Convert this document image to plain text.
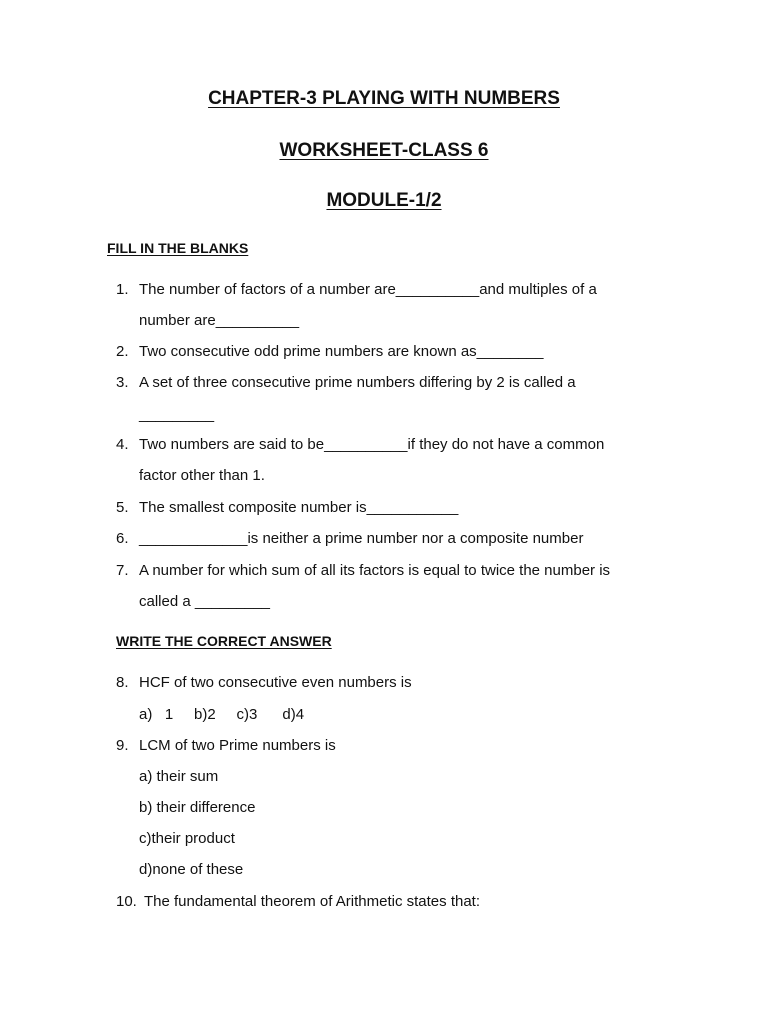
CHAPTER-3 PLAYING WITH NUMBERS
WORKSHEET-CLASS 6
MODULE-1/2
FILL IN THE BLANKS
1. The number of factors of a number are__________and multiples of a
number are__________
2. Two consecutive odd prime numbers are known as________
3. A set of three consecutive prime numbers differing by 2 is called a
_________
4. Two numbers are said to be__________if they do not have a common
factor other than 1.
5. The smallest composite number is___________
6. _____________is neither a prime number nor a composite number
7. A number for which sum of all its factors is equal to twice the number is
called a _________
WRITE THE CORRECT ANSWER
8. HCF of two consecutive even numbers is
a)   1     b)2     c)3      d)4
9. LCM of two Prime numbers is
a) their sum
b) their difference
c)their product
d)none of these
10. The fundamental theorem of Arithmetic states that:
